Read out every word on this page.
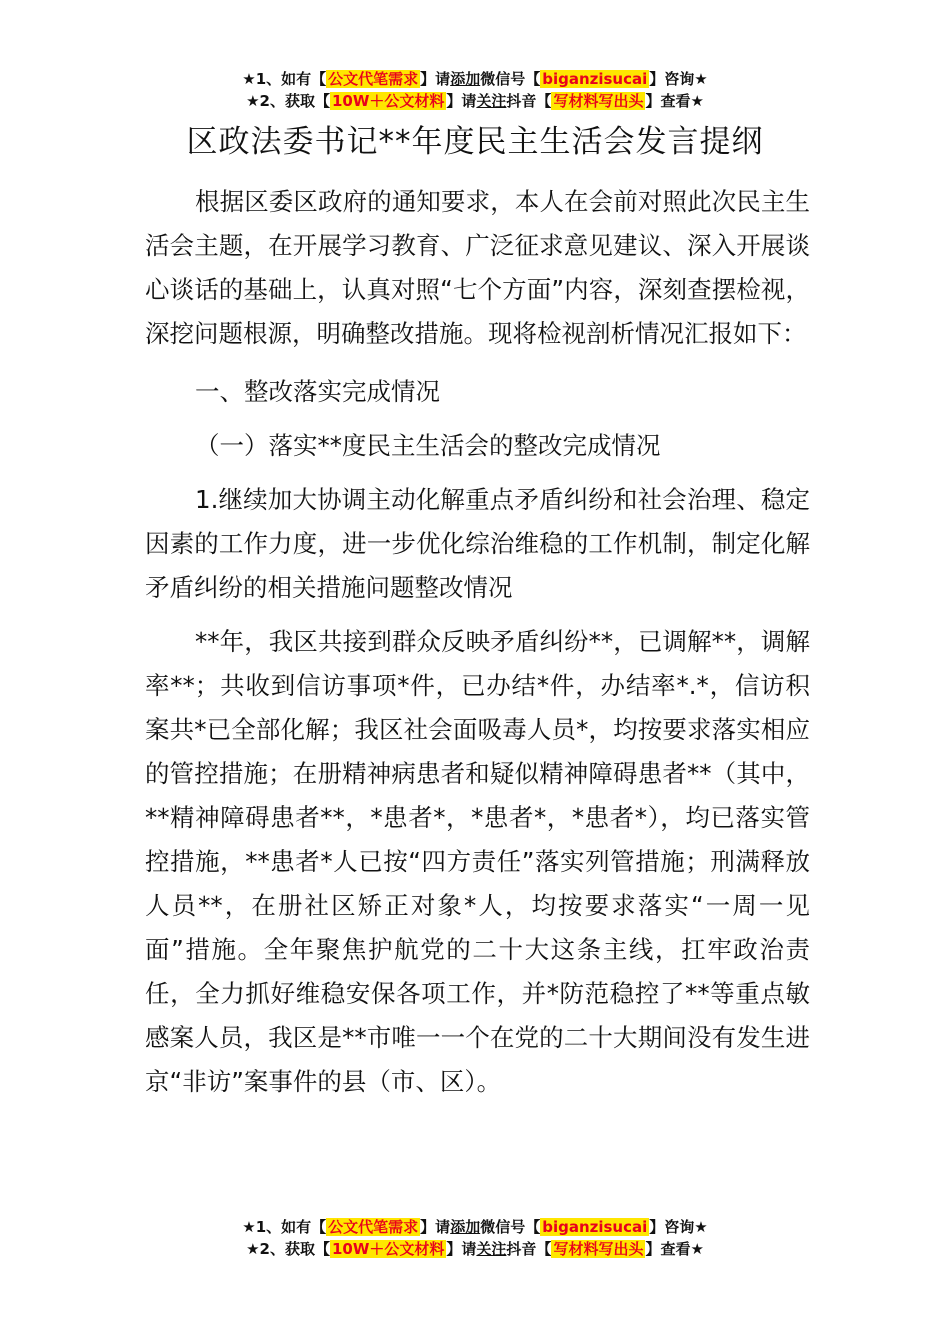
★1、如有【 公文代笔需求 】请添加微信号【 biganzisucai 】咨询★
★2、获取【 10W＋公文材料 】请关注抖音【 写材料写出头 】查看★
区政法委书记**年度民主生活会发言提纲

根据区委区政府的通知要求，本人在会前对照此次民主生活会主题，在开展学习教育、广泛征求意见建议、深入开展谈心谈话的基础上，认真对照“七个方面”内容，深刻查摆检视，深挖问题根源，明确整改措施。现将检视剖析情况汇报如下：

一、整改落实完成情况

（一）落实**度民主生活会的整改完成情况

1.继续加大协调主动化解重点矛盾纠纷和社会治理、稳定因素的工作力度，进一步优化综治维稳的工作机制，制定化解矛盾纠纷的相关措施问题整改情况

**年，我区共接到群众反映矛盾纠纷**，已调解**，调解率**；共收到信访事项*件，已办结*件，办结率*.*，信访积案共*已全部化解；我区社会面吸毒人员*，均按要求落实相应的管控措施；在册精神病患者和疑似精神障碍患者**（其中，**精神障碍患者**，*患者*，*患者*，*患者*），均已落实管控措施，**患者*人已按“四方责任”落实列管措施；刑满释放人员**，在册社区矫正对象*人，均按要求落实“一周一见面”措施。全年聚焦护航党的二十大这条主线，扛牢政治责任，全力抓好维稳安保各项工作，并*防范稳控了**等重点敏感案人员，我区是**市唯一一个在党的二十大期间没有发生进京“非访”案事件的县（市、区）。

★1、如有【 公文代笔需求 】请添加微信号【 biganzisucai 】咨询★
★2、获取【 10W＋公文材料 】请关注抖音【 写材料写出头 】查看★
